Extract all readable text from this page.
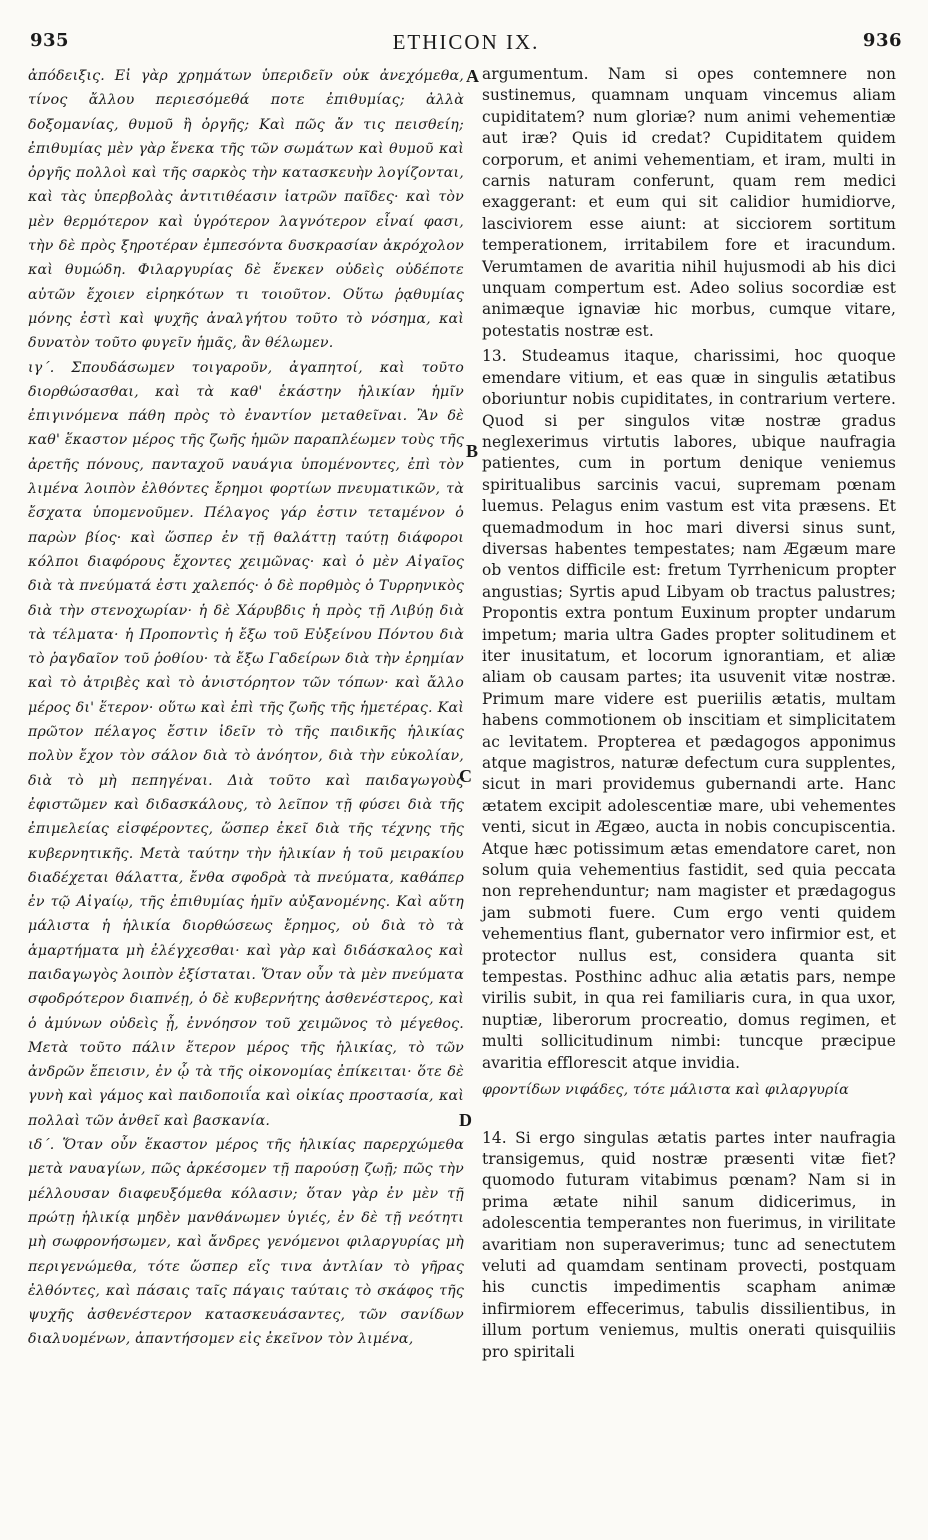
935	ETHICON IX.	936

ἀπόδειξις. Εἰ γὰρ χρημάτων ὑπεριδεῖν οὐκ ἀνεχόμεθα, τίνος ἄλλου περιεσόμεθά ποτε ἐπιθυμίας; ἀλλὰ δοξομανίας, θυμοῦ ἢ ὀργῆς; Καὶ πῶς ἄν τις πεισθείη; ἐπιθυμίας μὲν γὰρ ἕνεκα τῆς τῶν σωμάτων καὶ θυμοῦ καὶ ὀργῆς πολλοὶ καὶ τῆς σαρκὸς τὴν κατασκευὴν λογίζονται, καὶ τὰς ὑπερβολὰς ἀντιτιθέασιν ἰατρῶν παῖδες· καὶ τὸν μὲν θερμότερον καὶ ὑγρότερον λαγνότερον εἶναί φασι, τὴν δὲ πρὸς ξηροτέραν ἐμπεσόντα δυσκρασίαν ἀκρόχολον καὶ θυμώδη. Φιλαργυρίας δὲ ἕνεκεν οὐδεὶς οὐδέποτε αὐτῶν ἔχοιεν εἰρηκότων τι τοιοῦτον. Οὕτω ῥᾳθυμίας μόνης ἐστὶ καὶ ψυχῆς ἀναλγήτου τοῦτο τὸ νόσημα, καὶ δυνατὸν τοῦτο φυγεῖν ἡμᾶς, ἂν θέλωμεν.

ιγ΄. Σπουδάσωμεν τοιγαροῦν, ἀγαπητοί, καὶ τοῦτο διορθώσασθαι, καὶ τὰ καθ' ἑκάστην ἡλικίαν ἡμῖν ἐπιγινόμενα πάθη πρὸς τὸ ἐναντίον μεταθεῖναι. Ἂν δὲ καθ' ἕκαστον μέρος τῆς ζωῆς ἡμῶν παραπλέωμεν τοὺς τῆς ἀρετῆς πόνους, πανταχοῦ ναυάγια ὑπομένοντες, ἐπὶ τὸν λιμένα λοιπὸν ἐλθόντες ἔρημοι φορτίων πνευματικῶν, τὰ ἔσχατα ὑπομενοῦμεν. Πέλαγος γάρ ἐστιν τεταμένον ὁ παρὼν βίος· καὶ ὥσπερ ἐν τῇ θαλάττῃ ταύτῃ διάφοροι κόλποι διαφόρους ἔχοντες χειμῶνας· καὶ ὁ μὲν Αἰγαῖος διὰ τὰ πνεύματά ἐστι χαλεπός· ὁ δὲ πορθμὸς ὁ Τυρρηνικὸς διὰ τὴν στενοχωρίαν· ἡ δὲ Χάρυβδις ἡ πρὸς τῇ Λιβύῃ διὰ τὰ τέλματα· ἡ Προποντὶς ἡ ἔξω τοῦ Εὐξείνου Πόντου διὰ τὸ ῥαγδαῖον τοῦ ῥοθίου· τὰ ἔξω Γαδείρων διὰ τὴν ἐρημίαν καὶ τὸ ἀτριβὲς καὶ τὸ ἀνιστόρητον τῶν τόπων· καὶ ἄλλο μέρος δι' ἕτερον· οὕτω καὶ ἐπὶ τῆς ζωῆς τῆς ἡμετέρας. Καὶ πρῶτον πέλαγος ἔστιν ἰδεῖν τὸ τῆς παιδικῆς ἡλικίας πολὺν ἔχον τὸν σάλον διὰ τὸ ἀνόητον, διὰ τὴν εὐκολίαν, διὰ τὸ μὴ πεπηγέναι. Διὰ τοῦτο καὶ παιδαγωγοὺς ἐφιστῶμεν καὶ διδασκάλους, τὸ λεῖπον τῇ φύσει διὰ τῆς ἐπιμελείας εἰσφέροντες, ὥσπερ ἐκεῖ διὰ τῆς τέχνης τῆς κυβερνητικῆς. Μετὰ ταύτην τὴν ἡλικίαν ἡ τοῦ μειρακίου διαδέχεται θάλαττα, ἔνθα σφοδρὰ τὰ πνεύματα, καθάπερ ἐν τῷ Αἰγαίῳ, τῆς ἐπιθυμίας ἡμῖν αὐξανομένης. Καὶ αὕτη μάλιστα ἡ ἡλικία διορθώσεως ἔρημος, οὐ διὰ τὸ τὰ ἁμαρτήματα μὴ ἐλέγχεσθαι· καὶ γὰρ καὶ διδάσκαλος καὶ παιδαγωγὸς λοιπὸν ἐξίσταται. Ὅταν οὖν τὰ μὲν πνεύματα σφοδρότερον διαπνέῃ, ὁ δὲ κυβερνήτης ἀσθενέστερος, καὶ ὁ ἀμύνων οὐδεὶς ᾖ, ἐννόησον τοῦ χειμῶνος τὸ μέγεθος. Μετὰ τοῦτο πάλιν ἕτερον μέρος τῆς ἡλικίας, τὸ τῶν ἀνδρῶν ἔπεισιν, ἐν ᾧ τὰ τῆς οἰκονομίας ἐπίκειται· ὅτε δὲ γυνὴ καὶ γάμος καὶ παιδοποιΐα καὶ οἰκίας προστασία, καὶ πολλαὶ τῶν ἀνθεῖ καὶ βασκανία.

ιδ΄. Ὅταν οὖν ἕκαστον μέρος τῆς ἡλικίας παρερχώμεθα μετὰ ναυαγίων, πῶς ἀρκέσομεν τῇ παρούσῃ ζωῇ; πῶς τὴν μέλλουσαν διαφευξόμεθα κόλασιν; ὅταν γὰρ ἐν μὲν τῇ πρώτῃ ἡλικίᾳ μηδὲν μανθάνωμεν ὑγιές, ἐν δὲ τῇ νεότητι μὴ σωφρονήσωμεν, καὶ ἄνδρες γενόμενοι φιλαργυρίας μὴ περιγενώμεθα, τότε ὥσπερ εἴς τινα ἀντλίαν τὸ γῆρας ἐλθόντες, καὶ πάσαις ταῖς πάγαις ταύταις τὸ σκάφος τῆς ψυχῆς ἀσθενέστερον κατασκευάσαντες, τῶν σανίδων διαλυομένων, ἀπαντήσομεν εἰς ἐκεῖνον τὸν λιμένα,

A
B
C
D

argumentum. Nam si opes contemnere non sustinemus, quamnam unquam vincemus aliam cupiditatem? num gloriæ? num animi vehementiæ aut iræ? Quis id credat? Cupiditatem quidem corporum, et animi vehementiam, et iram, multi in carnis naturam conferunt, quam rem medici exaggerant: et eum qui sit calidior humidiorve, lasciviorem esse aiunt: at sicciorem sortitum temperationem, irritabilem fore et iracundum. Verumtamen de avaritia nihil hujusmodi ab his dici unquam compertum est. Adeo solius socordiæ est animæque ignaviæ hic morbus, cumque vitare, potestatis nostræ est.

13. Studeamus itaque, charissimi, hoc quoque emendare vitium, et eas quæ in singulis ætatibus oboriuntur nobis cupiditates, in contrarium vertere. Quod si per singulos vitæ nostræ gradus neglexerimus virtutis labores, ubique naufragia patientes, cum in portum denique veniemus spiritualibus sarcinis vacui, supremam pœnam luemus. Pelagus enim vastum est vita præsens. Et quemadmodum in hoc mari diversi sinus sunt, diversas habentes tempestates; nam Ægæum mare ob ventos difficile est: fretum Tyrrhenicum propter angustias; Syrtis apud Libyam ob tractus palustres; Propontis extra pontum Euxinum propter undarum impetum; maria ultra Gades propter solitudinem et iter inusitatum, et locorum ignorantiam, et aliæ aliam ob causam partes; ita usuvenit vitæ nostræ. Primum mare videre est pueriilis ætatis, multam habens commotionem ob inscitiam et simplicitatem ac levitatem. Propterea et pædagogos apponimus atque magistros, naturæ defectum cura supplentes, sicut in mari providemus gubernandi arte. Hanc ætatem excipit adolescentiæ mare, ubi vehementes venti, sicut in Ægæo, aucta in nobis concupiscentia. Atque hæc potissimum ætas emendatore caret, non solum quia vehementius fastidit, sed quia peccata non reprehenduntur; nam magister et prædagogus jam submoti fuere. Cum ergo venti quidem vehementius flant, gubernator vero infirmior est, et protector nullus est, considera quanta sit tempestas. Posthinc adhuc alia ætatis pars, nempe virilis subit, in qua rei familiaris cura, in qua uxor, nuptiæ, liberorum procreatio, domus regimen, et multi sollicitudinum nimbi: tuncque præcipue avaritia efflorescit atque invidia.

φροντίδων νιφάδες, τότε μάλιστα καὶ φιλαργυρία

14. Si ergo singulas ætatis partes inter naufragia transigemus, quid nostræ præsenti vitæ fiet? quomodo futuram vitabimus pœnam? Nam si in prima ætate nihil sanum didicerimus, in adolescentia temperantes non fuerimus, in virilitate avaritiam non superaverimus; tunc ad senectutem veluti ad quamdam sentinam provecti, postquam his cunctis impedimentis scapham animæ infirmiorem effecerimus, tabulis dissilientibus, in illum portum veniemus, multis onerati quisquiliis pro spiritali
